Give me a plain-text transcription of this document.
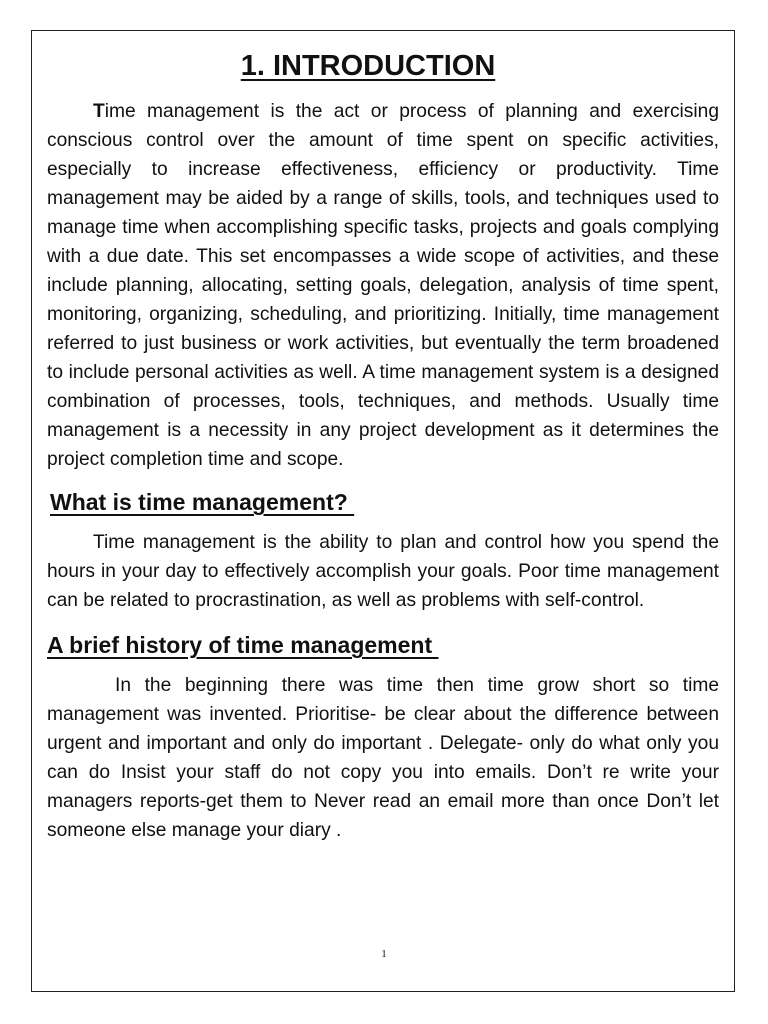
1. INTRODUCTION

Time management is the act or process of planning and exercising conscious control over the amount of time spent on specific activities, especially to increase effectiveness, efficiency or productivity. Time management may be aided by a range of skills, tools, and techniques used to manage time when accomplishing specific tasks, projects and goals complying with a due date. This set encompasses a wide scope of activities, and these include planning, allocating, setting goals, delegation, analysis of time spent, monitoring, organizing, scheduling, and prioritizing. Initially, time management referred to just business or work activities, but eventually the term broadened to include personal activities as well. A time management system is a designed combination of processes, tools, techniques, and methods. Usually time management is a necessity in any project development as it determines the project completion time and scope.

What is time management?

Time management is the ability to plan and control how you spend the hours in your day to effectively accomplish your goals. Poor time management can be related to procrastination, as well as problems with self-control.

A brief history of time management

In the beginning there was time then time grow short so time management was invented. Prioritise- be clear about the difference between urgent and important and only do important . Delegate- only do what only you can do Insist your staff do not copy you into emails. Don’t re write your managers reports-get them to Never read an email more than once Don’t let someone else manage your diary .

1
